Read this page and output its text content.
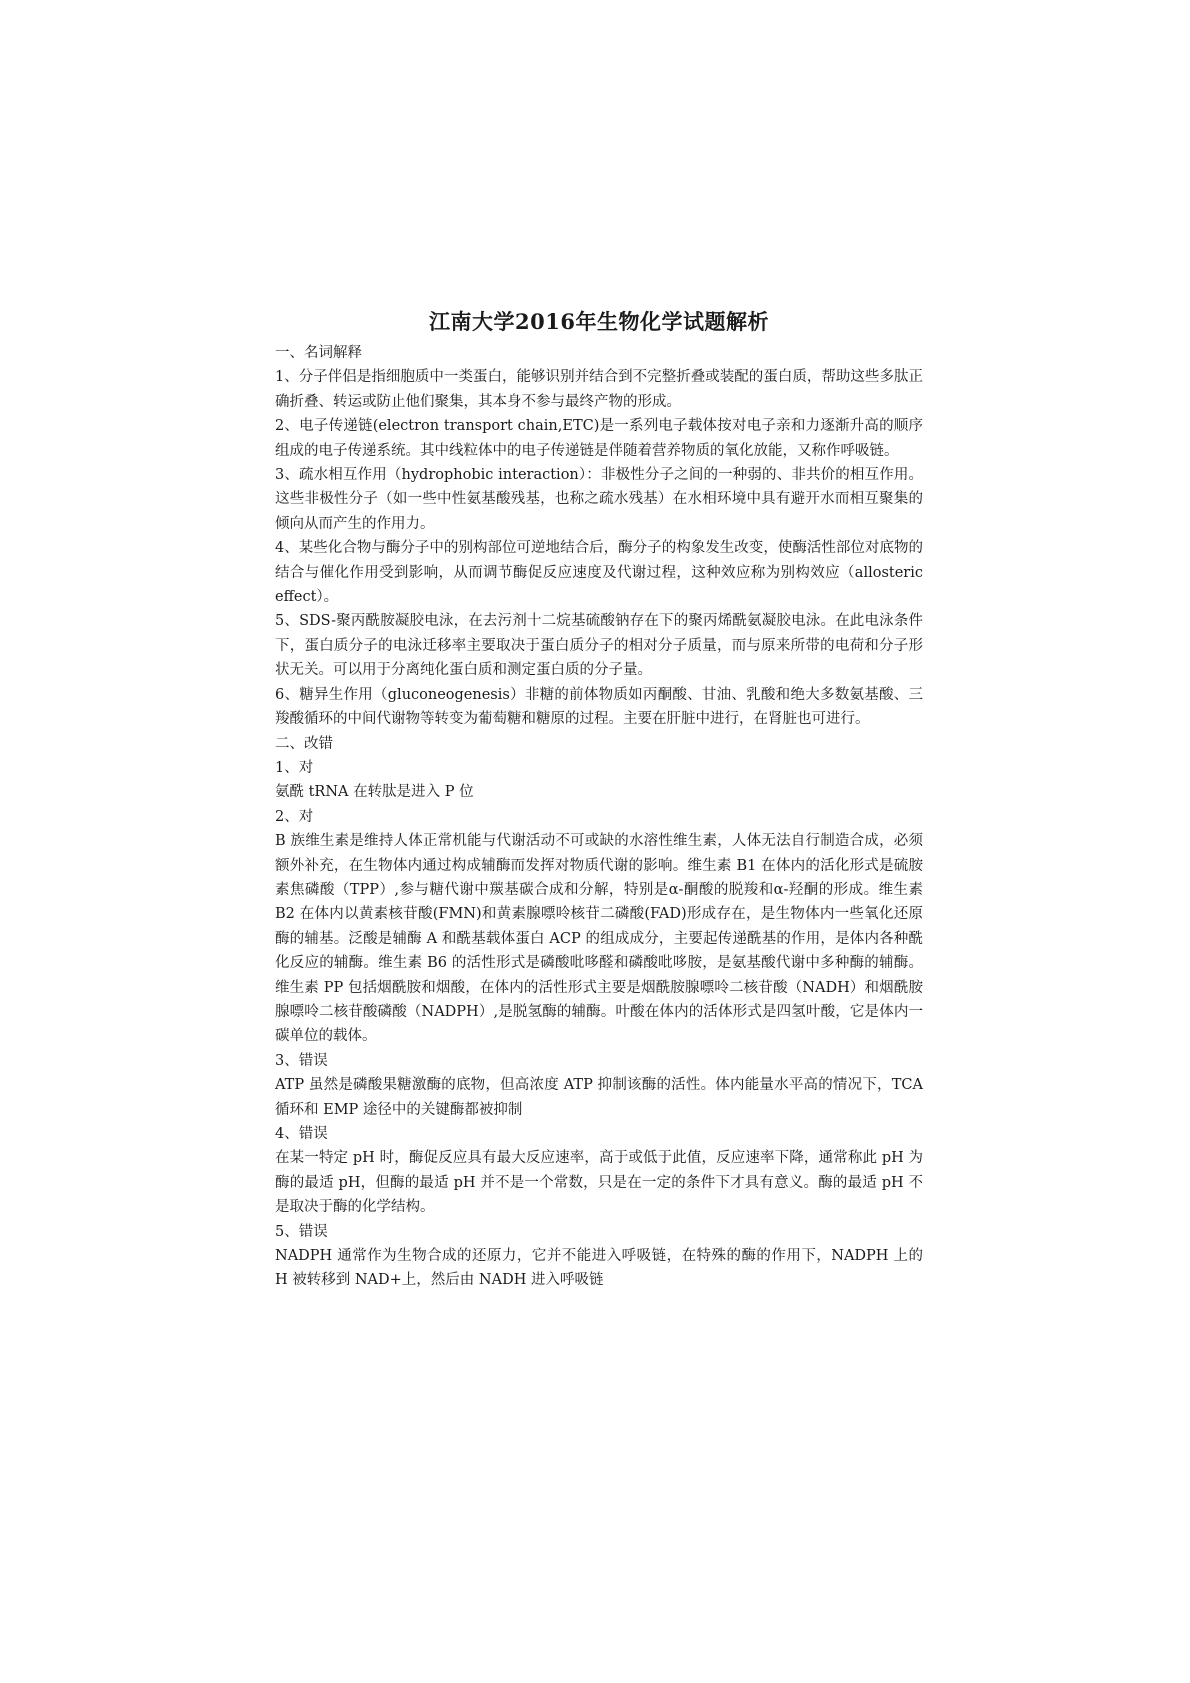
江南大学2016年生物化学试题解析

一、名词解释

1、分子伴侣是指细胞质中一类蛋白，能够识别并结合到不完整折叠或装配的蛋白质，帮助这些多肽正确折叠、转运或防止他们聚集，其本身不参与最终产物的形成。

2、电子传递链(electron transport chain,ETC)是一系列电子载体按对电子亲和力逐渐升高的顺序组成的电子传递系统。其中线粒体中的电子传递链是伴随着营养物质的氧化放能，又称作呼吸链。

3、疏水相互作用（hydrophobic interaction）：非极性分子之间的一种弱的、非共价的相互作用。这些非极性分子（如一些中性氨基酸残基，也称之疏水残基）在水相环境中具有避开水而相互聚集的倾向从而产生的作用力。

4、某些化合物与酶分子中的别构部位可逆地结合后，酶分子的构象发生改变，使酶活性部位对底物的结合与催化作用受到影响，从而调节酶促反应速度及代谢过程，这种效应称为别构效应（allosteric effect）。

5、SDS-聚丙酰胺凝胶电泳，在去污剂十二烷基硫酸钠存在下的聚丙烯酰氨凝胶电泳。在此电泳条件下，蛋白质分子的电泳迁移率主要取决于蛋白质分子的相对分子质量，而与原来所带的电荷和分子形状无关。可以用于分离纯化蛋白质和测定蛋白质的分子量。

6、糖异生作用（gluconeogenesis）非糖的前体物质如丙酮酸、甘油、乳酸和绝大多数氨基酸、三羧酸循环的中间代谢物等转变为葡萄糖和糖原的过程。主要在肝脏中进行，在肾脏也可进行。

二、改错

1、对

氨酰 tRNA 在转肽是进入 P 位

2、对

B 族维生素是维持人体正常机能与代谢活动不可或缺的水溶性维生素，人体无法自行制造合成，必须额外补充，在生物体内通过构成辅酶而发挥对物质代谢的影响。维生素 B1 在体内的活化形式是硫胺素焦磷酸（TPP）,参与糖代谢中羰基碳合成和分解，特别是α-酮酸的脱羧和α-羟酮的形成。维生素 B2 在体内以黄素核苷酸(FMN)和黄素腺嘌呤核苷二磷酸(FAD)形成存在，是生物体内一些氧化还原酶的辅基。泛酸是辅酶 A 和酰基载体蛋白 ACP 的组成成分，主要起传递酰基的作用，是体内各种酰化反应的辅酶。维生素 B6 的活性形式是磷酸吡哆醛和磷酸吡哆胺，是氨基酸代谢中多种酶的辅酶。维生素 PP 包括烟酰胺和烟酸，在体内的活性形式主要是烟酰胺腺嘌呤二核苷酸（NADH）和烟酰胺腺嘌呤二核苷酸磷酸（NADPH）,是脱氢酶的辅酶。叶酸在体内的活体形式是四氢叶酸，它是体内一碳单位的载体。

3、错误

ATP 虽然是磷酸果糖激酶的底物，但高浓度 ATP 抑制该酶的活性。体内能量水平高的情况下，TCA 循环和 EMP 途径中的关键酶都被抑制

4、错误

在某一特定 pH 时，酶促反应具有最大反应速率，高于或低于此值，反应速率下降，通常称此 pH 为酶的最适 pH，但酶的最适 pH 并不是一个常数，只是在一定的条件下才具有意义。酶的最适 pH 不是取决于酶的化学结构。

5、错误

NADPH 通常作为生物合成的还原力，它并不能进入呼吸链，在特殊的酶的作用下，NADPH 上的 H 被转移到 NAD+上，然后由 NADH 进入呼吸链
